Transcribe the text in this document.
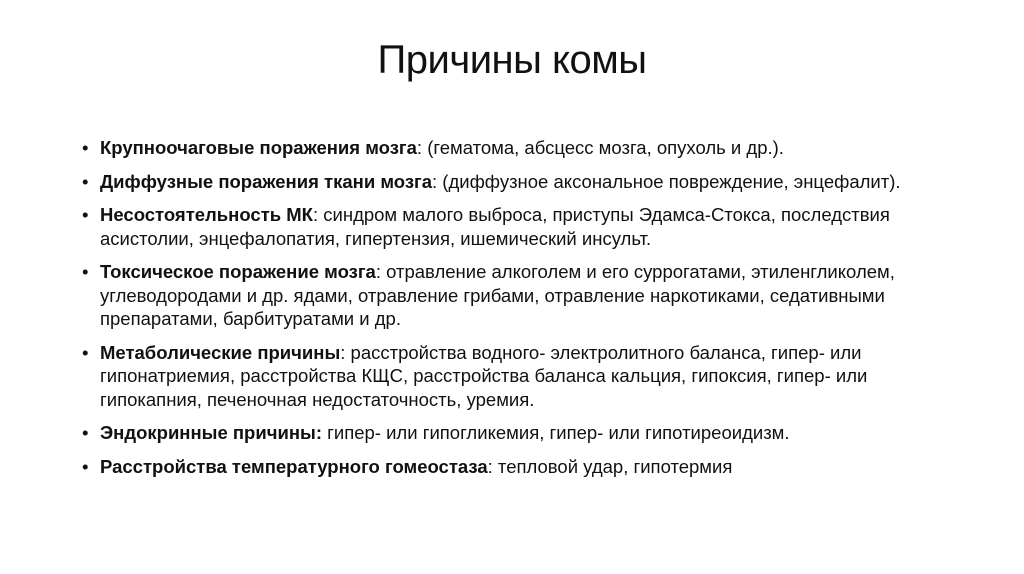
Причины комы
• Крупноочаговые поражения мозга: (гематома, абсцесс мозга, опухоль и др.).
• Диффузные поражения ткани мозга: (диффузное аксональное повреждение, энцефалит).
• Несостоятельность МК: синдром малого выброса, приступы Эдамса-Стокса, последствия асистолии, энцефалопатия, гипертензия, ишемический инсульт.
• Токсическое поражение мозга: отравление алкоголем и его суррогатами, этиленгликолем, углеводородами и др. ядами, отравление грибами, отравление наркотиками, седативными препаратами, барбитуратами и др.
• Метаболические причины: расстройства водного- электролитного баланса, гипер- или гипонатриемия, расстройства КЩС, расстройства баланса кальция, гипоксия, гипер- или гипокапния, печеночная недостаточность, уремия.
• Эндокринные причины: гипер- или гипогликемия, гипер- или гипотиреоидизм.
• Расстройства температурного гомеостаза: тепловой удар, гипотермия
